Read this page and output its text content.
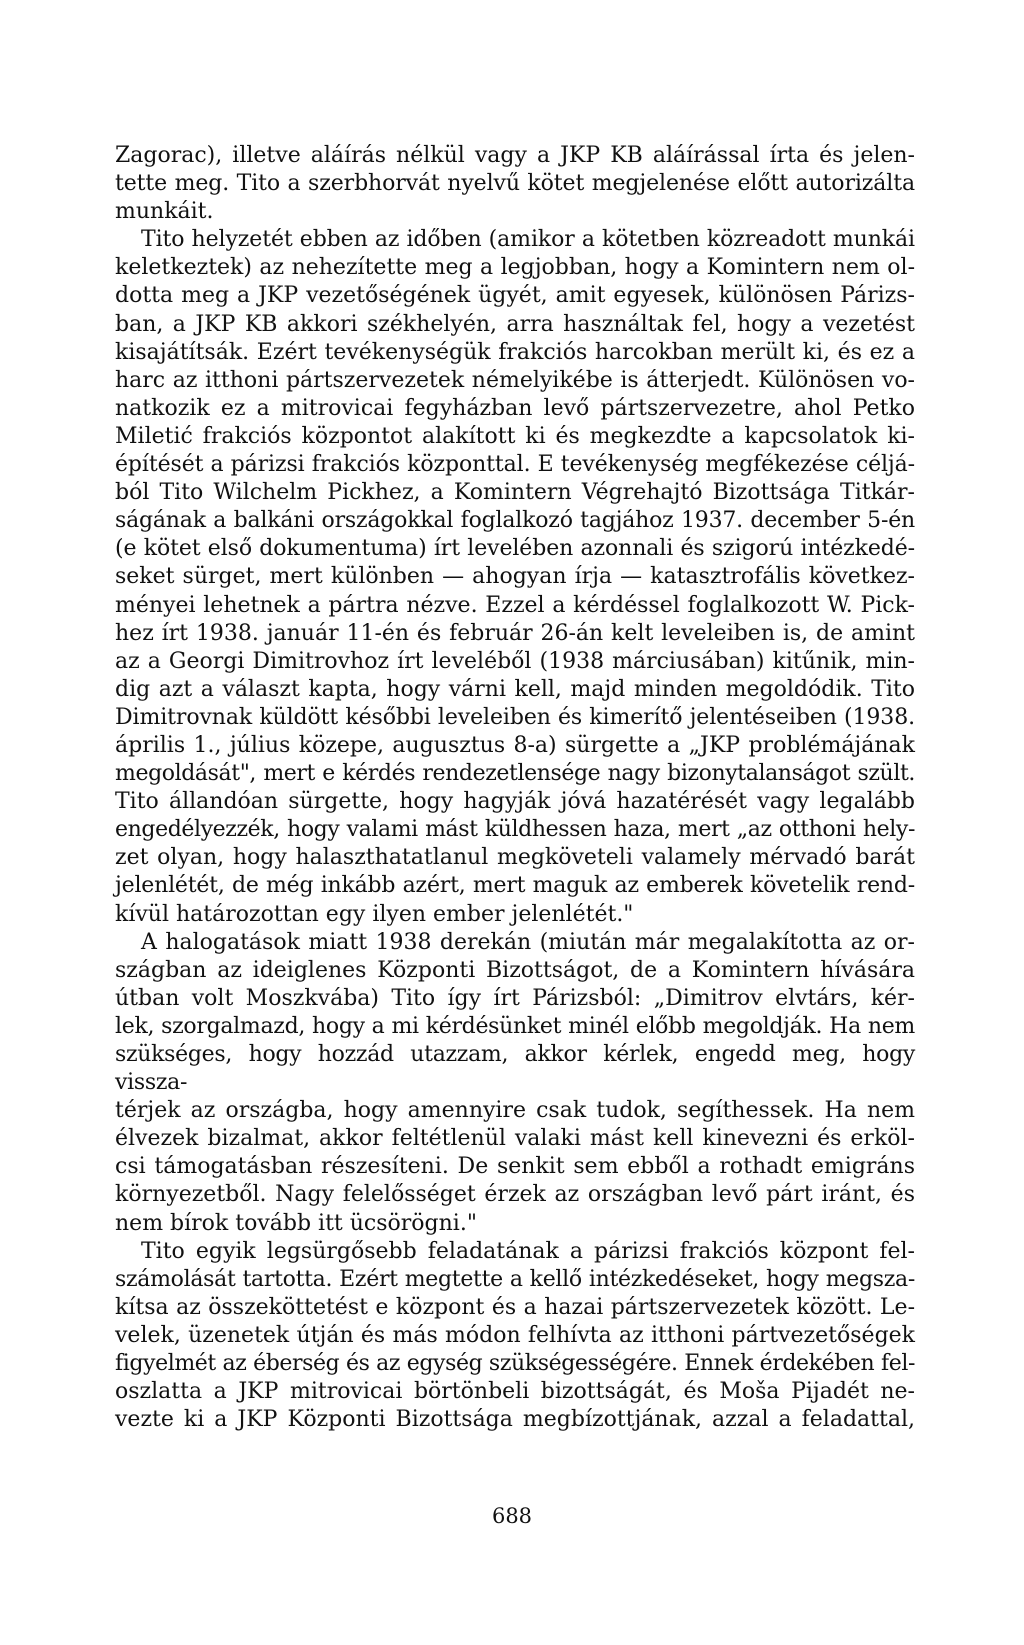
Zagorac), illetve aláírás nélkül vagy a JKP KB aláírással írta és jelen-
tette meg. Tito a szerbhorvát nyelvű kötet megjelenése előtt autorizálta
munkáit.
Tito helyzetét ebben az időben (amikor a kötetben közreadott munkái
keletkeztek) az nehezítette meg a legjobban, hogy a Komintern nem ol-
dotta meg a JKP vezetőségének ügyét, amit egyesek, különösen Párizs-
ban, a JKP KB akkori székhelyén, arra használtak fel, hogy a vezetést
kisajátítsák. Ezért tevékenységük frakciós harcokban merült ki, és ez a
harc az itthoni pártszervezetek némelyikébe is átterjedt. Különösen vo-
natkozik ez a mitrovicai fegyházban levő pártszervezetre, ahol Petko
Miletić frakciós központot alakított ki és megkezdte a kapcsolatok ki-
építését a párizsi frakciós központtal. E tevékenység megfékezése céljá-
ból Tito Wilchelm Pickhez, a Komintern Végrehajtó Bizottsága Titkár-
ságának a balkáni országokkal foglalkozó tagjához 1937. december 5-én
(e kötet első dokumentuma) írt levelében azonnali és szigorú intézkedé-
seket sürget, mert különben — ahogyan írja — katasztrofális következ-
ményei lehetnek a pártra nézve. Ezzel a kérdéssel foglalkozott W. Pick-
hez írt 1938. január 11-én és február 26-án kelt leveleiben is, de amint
az a Georgi Dimitrovhoz írt leveléből (1938 márciusában) kitűnik, min-
dig azt a választ kapta, hogy várni kell, majd minden megoldódik. Tito
Dimitrovnak küldött későbbi leveleiben és kimerítő jelentéseiben (1938.
április 1., július közepe, augusztus 8-a) sürgette a „JKP problémájának
megoldását", mert e kérdés rendezetlensége nagy bizonytalanságot szült.
Tito állandóan sürgette, hogy hagyják jóvá hazatérését vagy legalább
engedélyezzék, hogy valami mást küldhessen haza, mert „az otthoni hely-
zet olyan, hogy halaszthatatlanul megköveteli valamely mérvadó barát
jelenlétét, de még inkább azért, mert maguk az emberek követelik rend-
kívül határozottan egy ilyen ember jelenlétét."
A halogatások miatt 1938 derekán (miután már megalakította az or-
szágban az ideiglenes Központi Bizottságot, de a Komintern hívására
útban volt Moszkvába) Tito így írt Párizsból: „Dimitrov elvtárs, kér-
lek, szorgalmazd, hogy a mi kérdésünket minél előbb megoldják. Ha nem
szükséges, hogy hozzád utazzam, akkor kérlek, engedd meg, hogy vissza-
térjek az országba, hogy amennyire csak tudok, segíthessek. Ha nem
élvezek bizalmat, akkor feltétlenül valaki mást kell kinevezni és erköl-
csi támogatásban részesíteni. De senkit sem ebből a rothadt emigráns
környezetből. Nagy felelősséget érzek az országban levő párt iránt, és
nem bírok tovább itt ücsörögni."
Tito egyik legsürgősebb feladatának a párizsi frakciós központ fel-
számolását tartotta. Ezért megtette a kellő intézkedéseket, hogy megsza-
kítsa az összeköttetést e központ és a hazai pártszervezetek között. Le-
velek, üzenetek útján és más módon felhívta az itthoni pártvezetőségek
figyelmét az éberség és az egység szükségességére. Ennek érdekében fel-
oszlatta a JKP mitrovicai börtönbeli bizottságát, és Moša Pijadét ne-
vezte ki a JKP Központi Bizottsága megbízottjának, azzal a feladattal,
688
